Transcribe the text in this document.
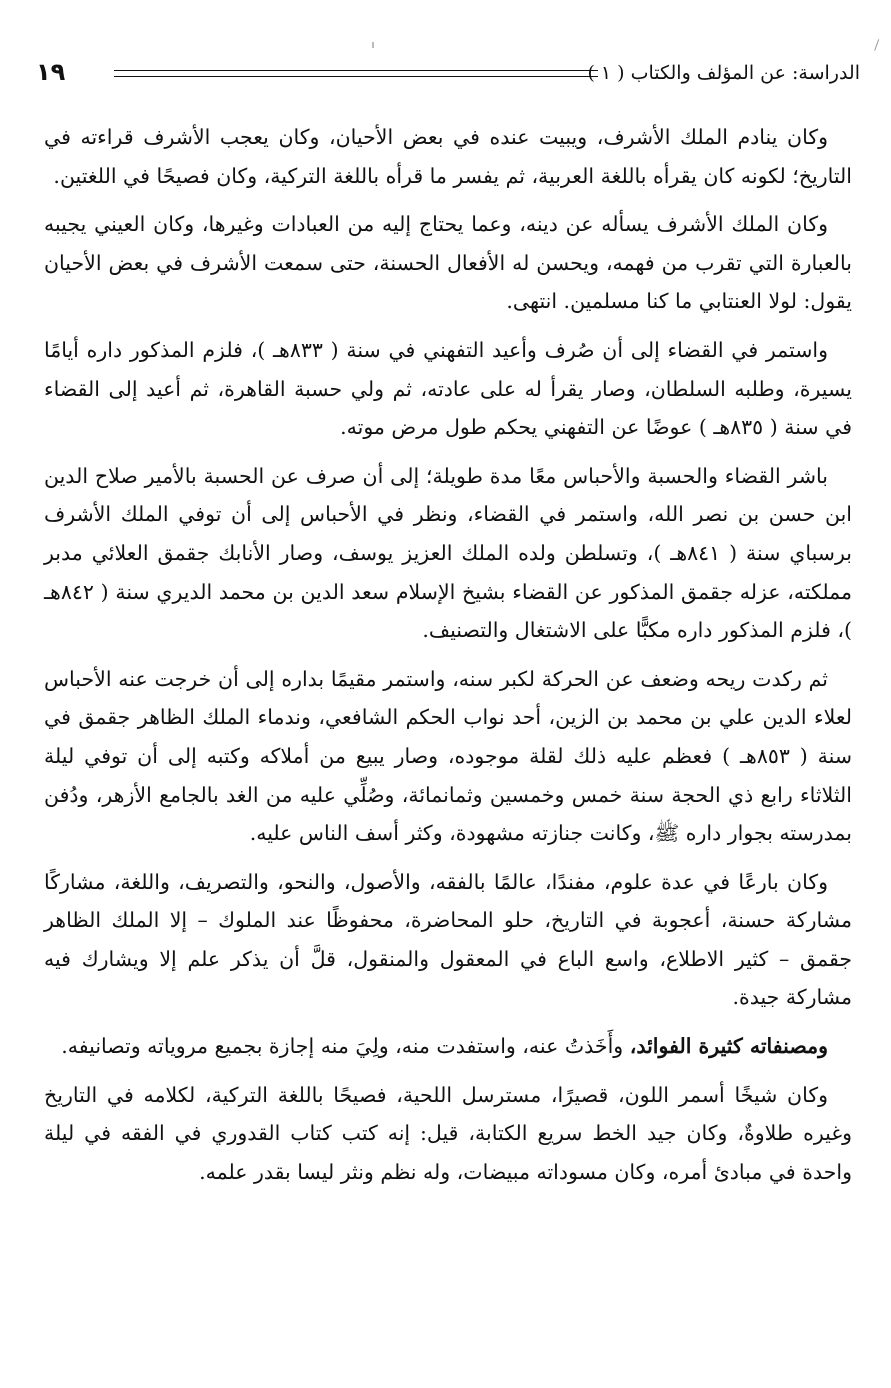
الدراسة: عن المؤلف والكتاب ( ١ )
١٩

وكان ينادم الملك الأشرف، ويبيت عنده في بعض الأحيان، وكان يعجب الأشرف قراءته في التاريخ؛ لكونه كان يقرأه باللغة العربية، ثم يفسر ما قرأه باللغة التركية، وكان فصيحًا في اللغتين.

وكان الملك الأشرف يسأله عن دينه، وعما يحتاج إليه من العبادات وغيرها، وكان العيني يجيبه بالعبارة التي تقرب من فهمه، ويحسن له الأفعال الحسنة، حتى سمعت الأشرف في بعض الأحيان يقول: لولا العنتابي ما كنا مسلمين. انتهى.

واستمر في القضاء إلى أن صُرف وأعيد التفهني في سنة ( ٨٣٣هـ )، فلزم المذكور داره أيامًا يسيرة، وطلبه السلطان، وصار يقرأ له على عادته، ثم ولي حسبة القاهرة، ثم أعيد إلى القضاء في سنة ( ٨٣٥هـ ) عوضًا عن التفهني يحكم طول مرض موته.

باشر القضاء والحسبة والأحباس معًا مدة طويلة؛ إلى أن صرف عن الحسبة بالأمير صلاح الدين ابن حسن بن نصر الله، واستمر في القضاء، ونظر في الأحباس إلى أن توفي الملك الأشرف برسباي سنة ( ٨٤١هـ )، وتسلطن ولده الملك العزيز يوسف، وصار الأنابك جقمق العلائي مدبر مملكته، عزله جقمق المذكور عن القضاء بشيخ الإسلام سعد الدين بن محمد الديري سنة ( ٨٤٢هـ )، فلزم المذكور داره مكبًّا على الاشتغال والتصنيف.

ثم ركدت ريحه وضعف عن الحركة لكبر سنه، واستمر مقيمًا بداره إلى أن خرجت عنه الأحباس لعلاء الدين علي بن محمد بن الزين، أحد نواب الحكم الشافعي، وندماء الملك الظاهر جقمق في سنة ( ٨٥٣هـ ) فعظم عليه ذلك لقلة موجوده، وصار يبيع من أملاكه وكتبه إلى أن توفي ليلة الثلاثاء رابع ذي الحجة سنة خمس وخمسين وثمانمائة، وصُلِّي عليه من الغد بالجامع الأزهر، ودُفن بمدرسته بجوار داره ﷺ، وكانت جنازته مشهودة، وكثر أسف الناس عليه.

وكان بارعًا في عدة علوم، مفندًا، عالمًا بالفقه، والأصول، والنحو، والتصريف، واللغة، مشاركًا مشاركة حسنة، أعجوبة في التاريخ، حلو المحاضرة، محفوظًا عند الملوك – إلا الملك الظاهر جقمق – كثير الاطلاع، واسع الباع في المعقول والمنقول، قلَّ أن يذكر علم إلا ويشارك فيه مشاركة جيدة.

ومصنفاته كثيرة الفوائد، وأَخَذتُ عنه، واستفدت منه، ولِيَ منه إجازة بجميع مروياته وتصانيفه.

وكان شيخًا أسمر اللون، قصيرًا، مسترسل اللحية، فصيحًا باللغة التركية، لكلامه في التاريخ وغيره طلاوةٌ، وكان جيد الخط سريع الكتابة، قيل: إنه كتب كتاب القدوري في الفقه في ليلة واحدة في مبادئ أمره، وكان مسوداته مبيضات، وله نظم ونثر ليسا بقدر علمه.
